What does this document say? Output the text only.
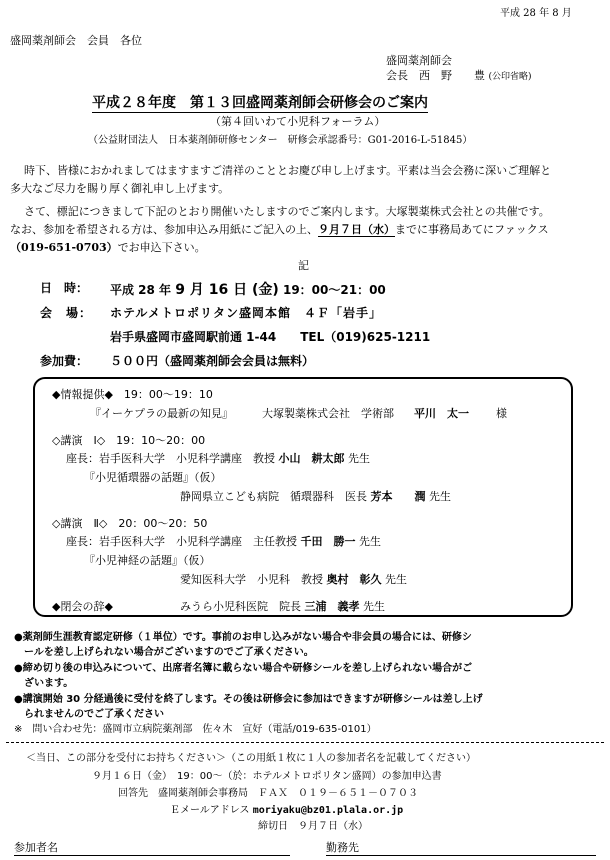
平成 28 年 8 月
盛岡薬剤師会　会員　各位
盛岡薬剤師会
会長　西　野　　豊 (公印省略)
平成２８年度　第１３回盛岡薬剤師会研修会のご案内
（第４回いわて小児科フォーラム）
（公益財団法人　日本薬剤師研修センター　研修会承認番号：G01-2016-L-51845）
時下、皆様におかれましてはますますご清祥のこととお慶び申し上げます。平素は当会会務に深いご理解と
多大なご尽力を賜り厚く御礼申し上げます。
さて、標記につきまして下記のとおり開催いたしますのでご案内します。大塚製薬株式会社との共催です。
なお、参加を希望される方は、参加申込み用紙にご記入の上、９月７日（水）までに事務局あてにファックス
（019-651-0703）でお申込下さい。
記
日　時： 平成 28 年 9 月 16 日 (金) 19：00～21：00
会　場： ホテルメトロポリタン盛岡本館　４Ｆ「岩手」
岩手県盛岡市盛岡駅前通 1-44　　TEL（019)625-1211
参加費： ５００円（盛岡薬剤師会会員は無料）
◆情報提供◆　19：00～19：10
『イーケプラの最新の知見』	大塚製薬株式会社　学術部 平川　太一 様
◇講演　Ⅰ◇　19：10～20：00
座長：岩手医科大学　小児科学講座　教授 小山　耕太郎 先生
『小児循環器の話題』（仮）
静岡県立こども病院　循環器科　医長 芳本　　潤 先生
◇講演　Ⅱ◇　20：00～20：50
座長：岩手医科大学　小児科学講座　主任教授 千田　勝一 先生
『小児神経の話題』（仮）
愛知医科大学　小児科　教授 奥村　彰久 先生
◆閉会の辞◆	みうら小児科医院　院長 三浦　義孝 先生
●薬剤師生涯教育認定研修（１単位）です。事前のお申し込みがない場合や非会員の場合には、研修シ
ールを差し上げられない場合がございますのでご了承ください。
●締め切り後の申込みについて、出席者名簿に載らない場合や研修シールを差し上げられない場合がご
ざいます。
●講演開始 30 分経過後に受付を終了します。その後は研修会に参加はできますが研修シールは差し上げ
られませんのでご了承ください
※　問い合わせ先：盛岡市立病院薬剤部　佐々木　宣好（電話/019-635-0101）
＜当日、この部分を受付にお持ちください＞（この用紙１枚に１人の参加者名を記載してください）
９月１６日（金）　19：00～（於：ホテルメトロポリタン盛岡）の参加申込書
回答先　盛岡薬剤師会事務局　ＦＡＸ　０１９－６５１－０７０３
Ｅメールアドレス moriyaku@bz01.plala.or.jp
締切日　９月７日（水）
参加者名	勤務先
